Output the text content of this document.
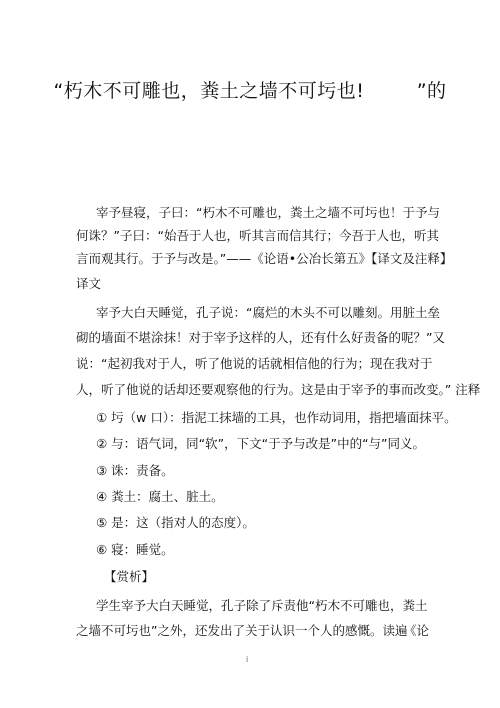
“朽木不可雕也，粪土之墙不可圬也!        ”的
宰予昼寝，子曰：“朽木不可雕也，粪土之墙不可圬也！于予与
何诛？”子曰：“始吾于人也，听其言而信其行；今吾于人也，听其
言而观其行。于予与改是。”——《论语•公冶长第五》【译文及注释】
译文
宰予大白天睡觉，孔子说：“腐烂的木头不可以雕刻。用脏土垒
砌的墙面不堪涂抹！对于宰予这样的人，还有什么好责备的呢？”又
说：“起初我对于人，听了他说的话就相信他的行为；现在我对于
人，听了他说的话却还要观察他的行为。这是由于宰予的事而改变。” 注释
① 圬（w 口）：指泥工抹墙的工具，也作动词用，指把墙面抹平。
② 与：语气词，同“软”，下文“于予与改是”中的“与”同义。
③ 诛：责备。
④ 粪土：腐土、脏土。
⑤ 是：这（指对人的态度）。
⑥ 寝：睡觉。
【赏析】
学生宰予大白天睡觉，孔子除了斥责他“朽木不可雕也，粪土
之墙不可圬也”之外，还发出了关于认识一个人的感慨。读遍
《论
i
